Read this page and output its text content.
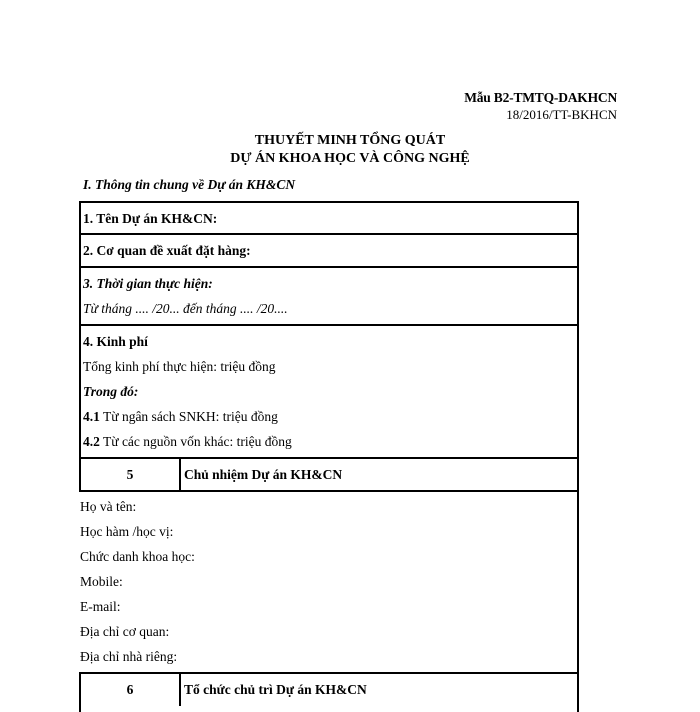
Mẫu B2-TMTQ-DAKHCN
18/2016/TT-BKHCN
THUYẾT MINH TỔNG QUÁT
DỰ ÁN KHOA HỌC VÀ CÔNG NGHỆ
I. Thông tin chung về Dự án KH&CN
1. Tên Dự án KH&CN:
2. Cơ quan đề xuất đặt hàng:
3. Thời gian thực hiện:
Từ tháng .... /20... đến tháng .... /20....
4. Kinh phí
Tổng kinh phí thực hiện: triệu đồng
Trong đó:
4.1 Từ ngân sách SNKH: triệu đồng
4.2 Từ các nguồn vốn khác: triệu đồng
5	Chủ nhiệm Dự án KH&CN
Họ và tên:
Học hàm /học vị:
Chức danh khoa học:
Mobile:
E-mail:
Địa chỉ cơ quan:
Địa chỉ nhà riêng:
6	Tổ chức chủ trì Dự án KH&CN
